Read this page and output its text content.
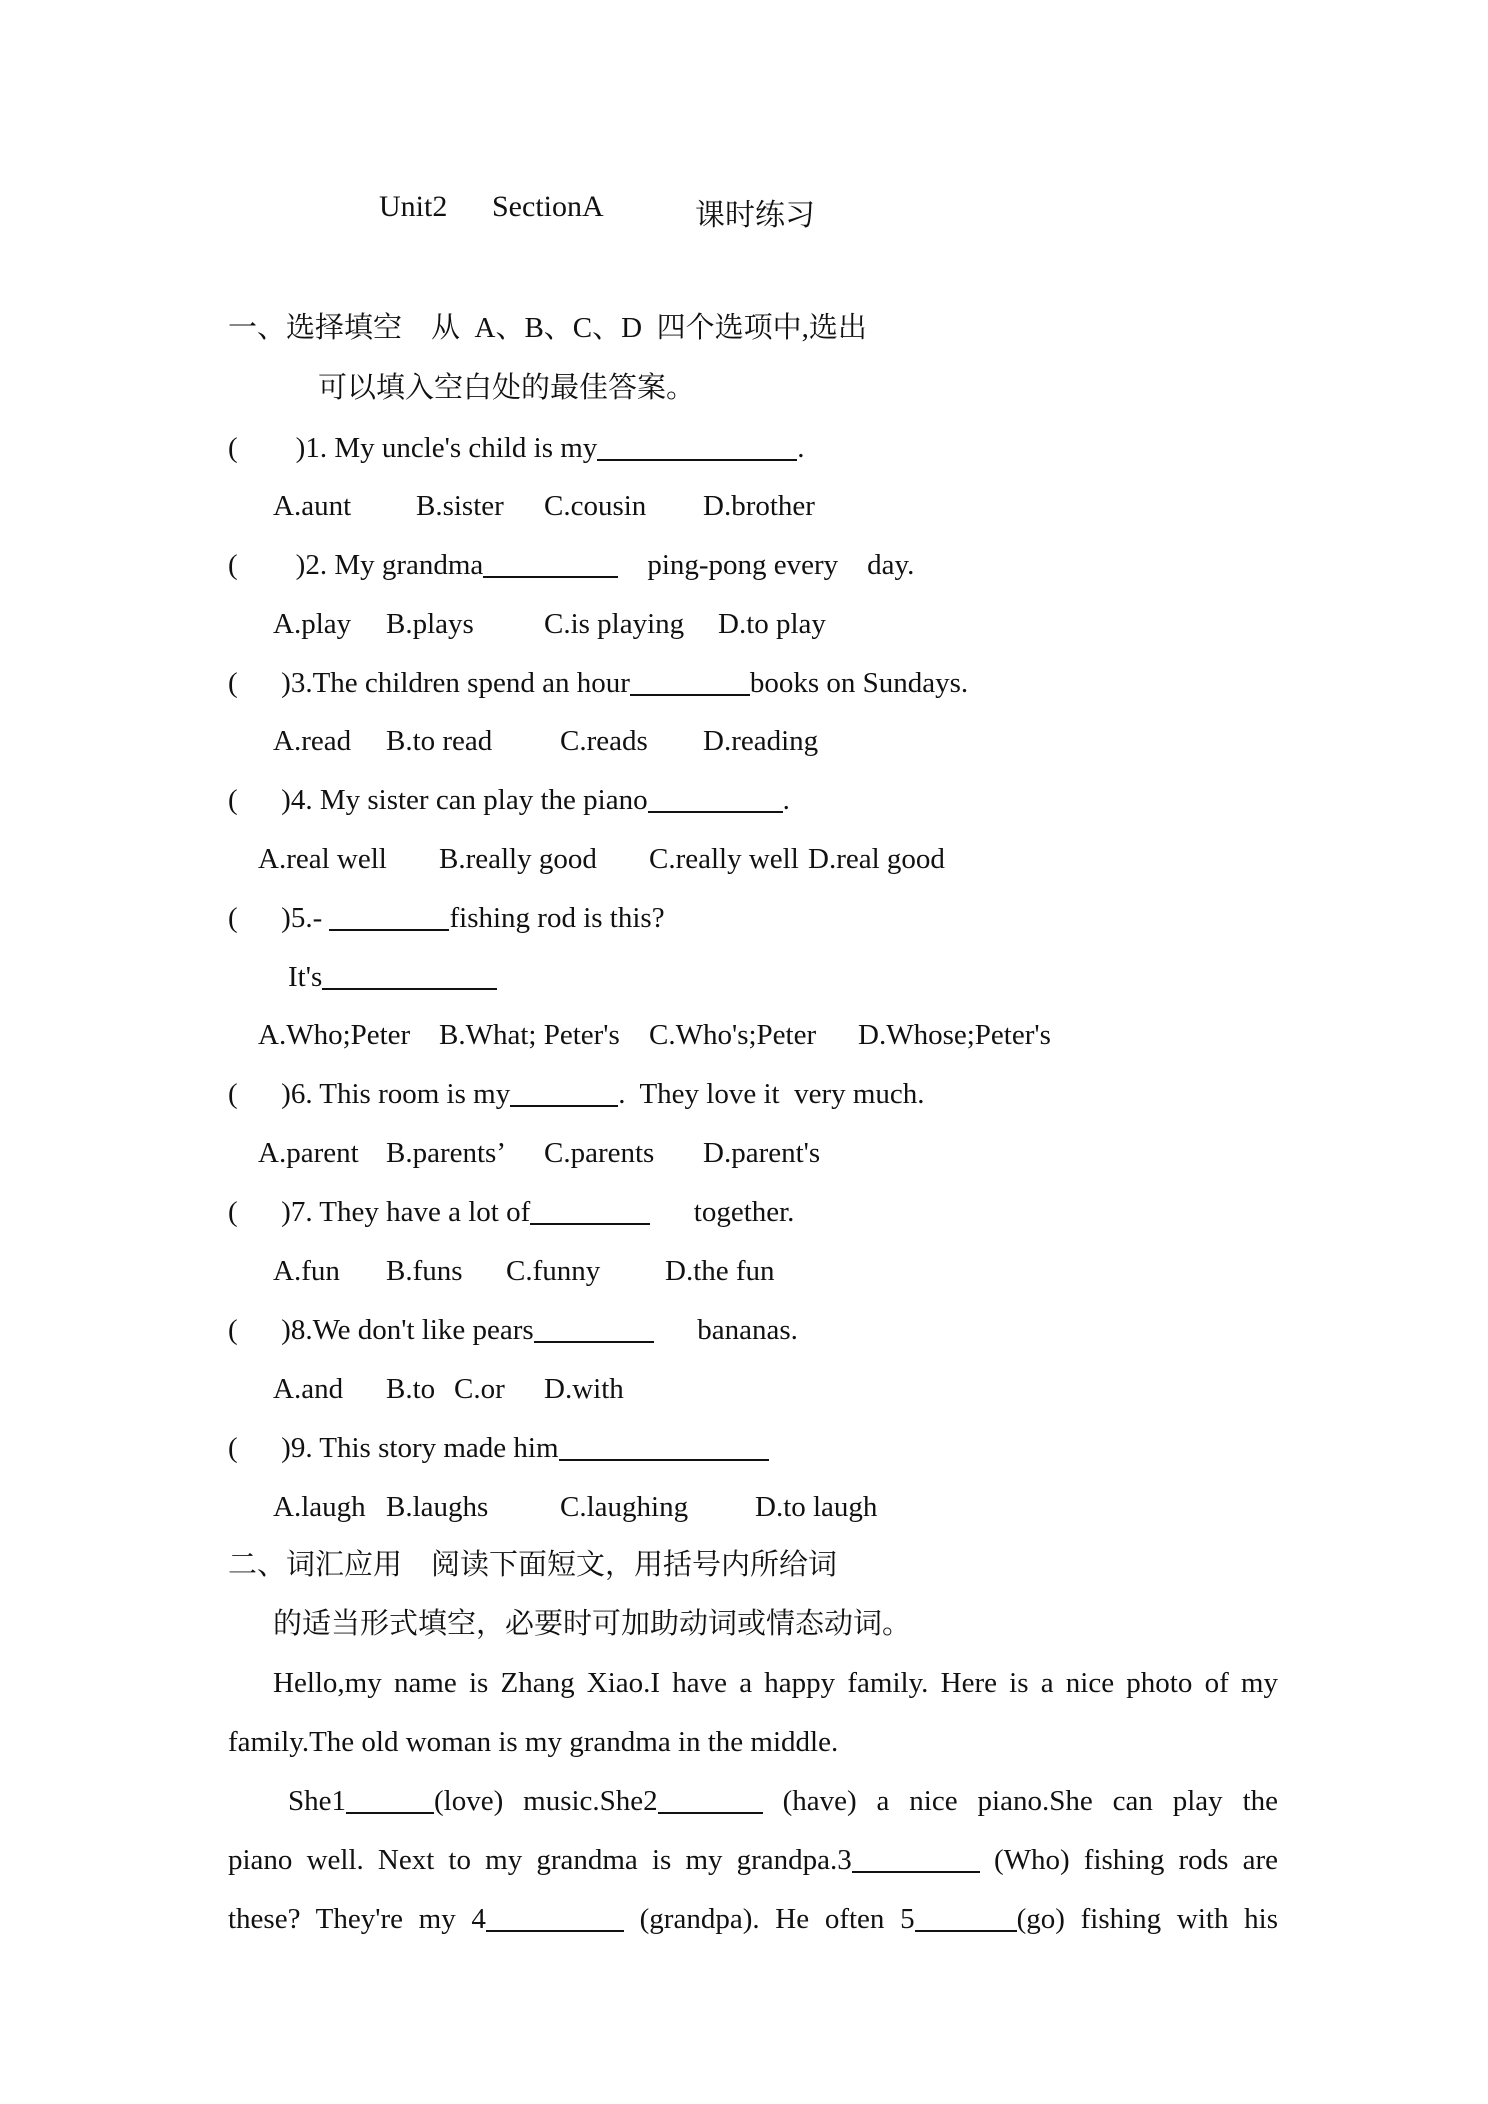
Unit2 SectionA	课时练习
一、选择填空　从  A、B、C、D  四个选项中,选出
可以填入空白处的最佳答案。
(        )1. My uncle's child is my	.
A.aunt B.sister C.cousin D.brother
(        )2. My grandma	ping-pong every    day.
A.play B.plays C.is playing D.to play
(      )3.The children spend an hour	books on Sundays.
A.read B.to read C.reads D.reading
(      )4. My sister can play the piano	.
A.real well B.really good C.really well D.real good
(      )5.-	fishing rod is this?
It's
A.Who;Peter B.What; Peter's C.Who's;Peter D.Whose;Peter's
(      )6. This room is my	.  They love it  very much.
A.parent B.parents’ C.parents D.parent's
(      )7. They have a lot of	together.
A.fun B.funs C.funny D.the fun
(      )8.We don't like pears	bananas.
A.and B.to C.or D.with
(      )9. This story made him
A.laugh B.laughs C.laughing D.to laugh
二、词汇应用　阅读下面短文，用括号内所给词
的适当形式填空，必要时可加助动词或情态动词。
Hello,my name is Zhang Xiao.I have a happy family. Here is a nice photo of my
family.The old woman is my grandma in the middle.
She1	(love) music.She2	(have) a nice piano.She can play the
piano well. Next to my grandma is my grandpa.3	(Who) fishing rods are
these? They're my 4	(grandpa). He often 5	(go) fishing with his
